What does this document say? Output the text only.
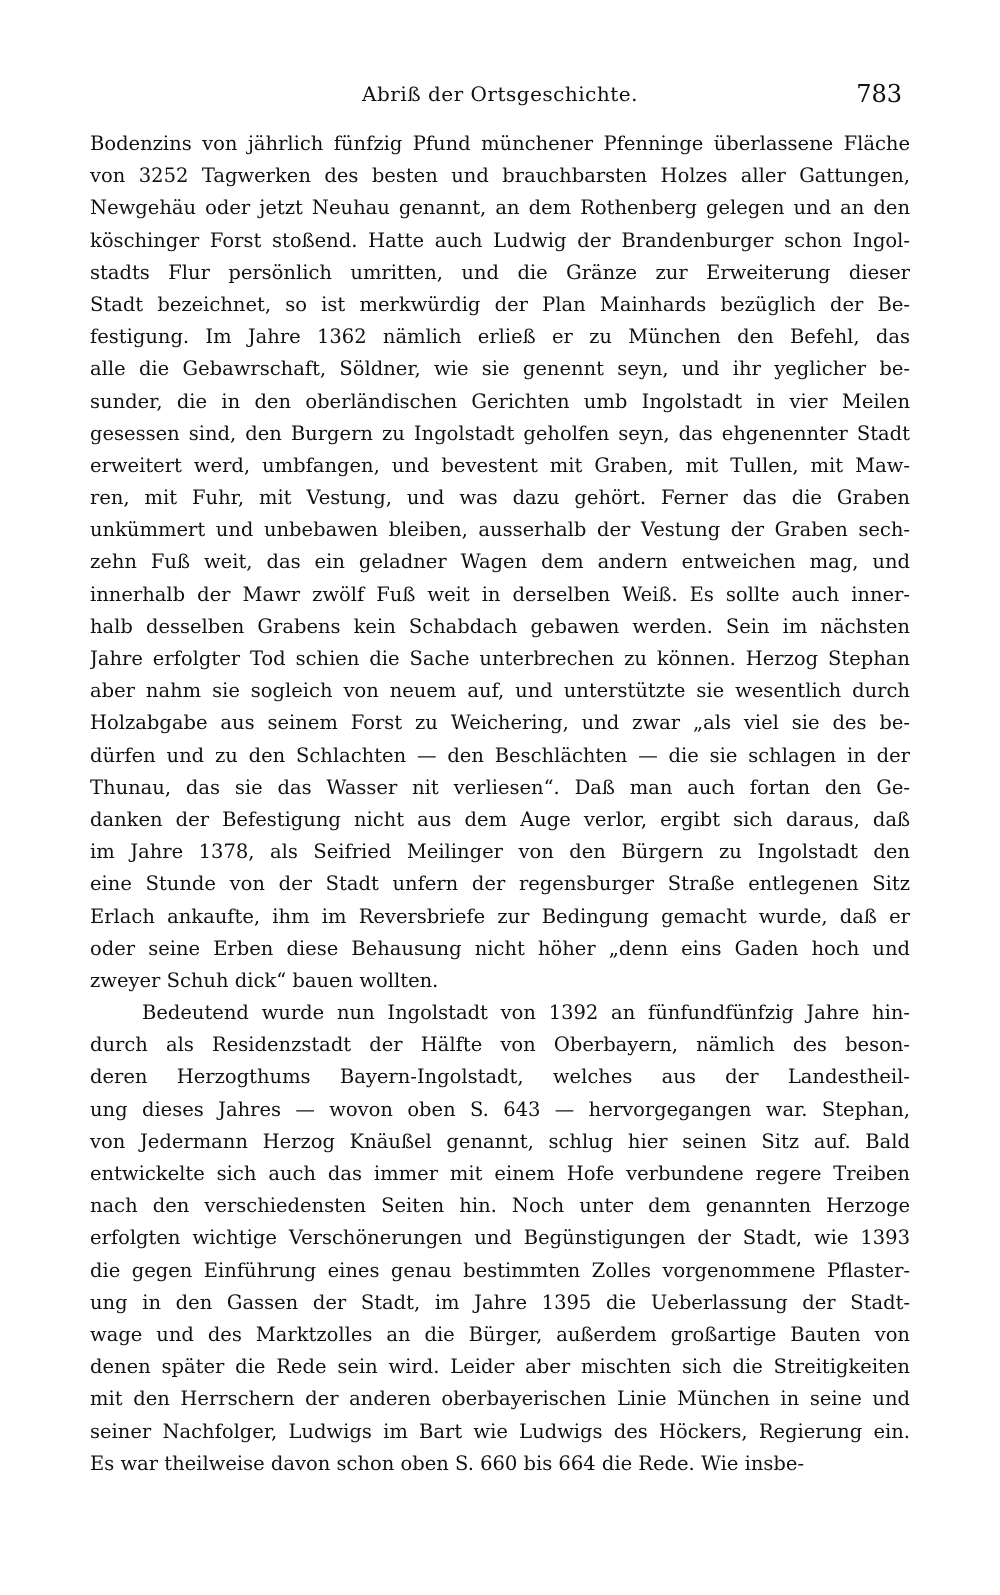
Abriß der Ortsgeschichte.	783
Bodenzins von jährlich fünfzig Pfund münchener Pfenninge überlassene Fläche
von 3252 Tagwerken des besten und brauchbarsten Holzes aller Gattungen,
Newgehäu oder jetzt Neuhau genannt, an dem Rothenberg gelegen und an den
köschinger Forst stoßend. Hatte auch Ludwig der Brandenburger schon Ingol-
stadts Flur persönlich umritten, und die Gränze zur Erweiterung dieser
Stadt bezeichnet, so ist merkwürdig der Plan Mainhards bezüglich der Be-
festigung. Im Jahre 1362 nämlich erließ er zu München den Befehl, das
alle die Gebawrschaft, Söldner, wie sie genennt seyn, und ihr yeglicher be-
sunder, die in den oberländischen Gerichten umb Ingolstadt in vier Meilen
gesessen sind, den Burgern zu Ingolstadt geholfen seyn, das ehgenennter Stadt
erweitert werd, umbfangen, und bevestent mit Graben, mit Tullen, mit Maw-
ren, mit Fuhr, mit Vestung, und was dazu gehört. Ferner das die Graben
unkümmert und unbebawen bleiben, ausserhalb der Vestung der Graben sech-
zehn Fuß weit, das ein geladner Wagen dem andern entweichen mag, und
innerhalb der Mawr zwölf Fuß weit in derselben Weiß. Es sollte auch inner-
halb desselben Grabens kein Schabdach gebawen werden. Sein im nächsten
Jahre erfolgter Tod schien die Sache unterbrechen zu können. Herzog Stephan
aber nahm sie sogleich von neuem auf, und unterstützte sie wesentlich durch
Holzabgabe aus seinem Forst zu Weichering, und zwar „als viel sie des be-
dürfen und zu den Schlachten — den Beschlächten — die sie schlagen in der
Thunau, das sie das Wasser nit verliesen“. Daß man auch fortan den Ge-
danken der Befestigung nicht aus dem Auge verlor, ergibt sich daraus, daß
im Jahre 1378, als Seifried Meilinger von den Bürgern zu Ingolstadt den
eine Stunde von der Stadt unfern der regensburger Straße entlegenen Sitz
Erlach ankaufte, ihm im Reversbriefe zur Bedingung gemacht wurde, daß er
oder seine Erben diese Behausung nicht höher „denn eins Gaden hoch und
zweyer Schuh dick“ bauen wollten.
Bedeutend wurde nun Ingolstadt von 1392 an fünfundfünfzig Jahre hin-
durch als Residenzstadt der Hälfte von Oberbayern, nämlich des beson-
deren Herzogthums Bayern-Ingolstadt, welches aus der Landestheil-
ung dieses Jahres — wovon oben S. 643 — hervorgegangen war. Stephan,
von Jedermann Herzog Knäußel genannt, schlug hier seinen Sitz auf. Bald
entwickelte sich auch das immer mit einem Hofe verbundene regere Treiben
nach den verschiedensten Seiten hin. Noch unter dem genannten Herzoge
erfolgten wichtige Verschönerungen und Begünstigungen der Stadt, wie 1393
die gegen Einführung eines genau bestimmten Zolles vorgenommene Pflaster-
ung in den Gassen der Stadt, im Jahre 1395 die Ueberlassung der Stadt-
wage und des Marktzolles an die Bürger, außerdem großartige Bauten von
denen später die Rede sein wird. Leider aber mischten sich die Streitigkeiten
mit den Herrschern der anderen oberbayerischen Linie München in seine und
seiner Nachfolger, Ludwigs im Bart wie Ludwigs des Höckers, Regierung ein.
Es war theilweise davon schon oben S. 660 bis 664 die Rede. Wie insbe-
